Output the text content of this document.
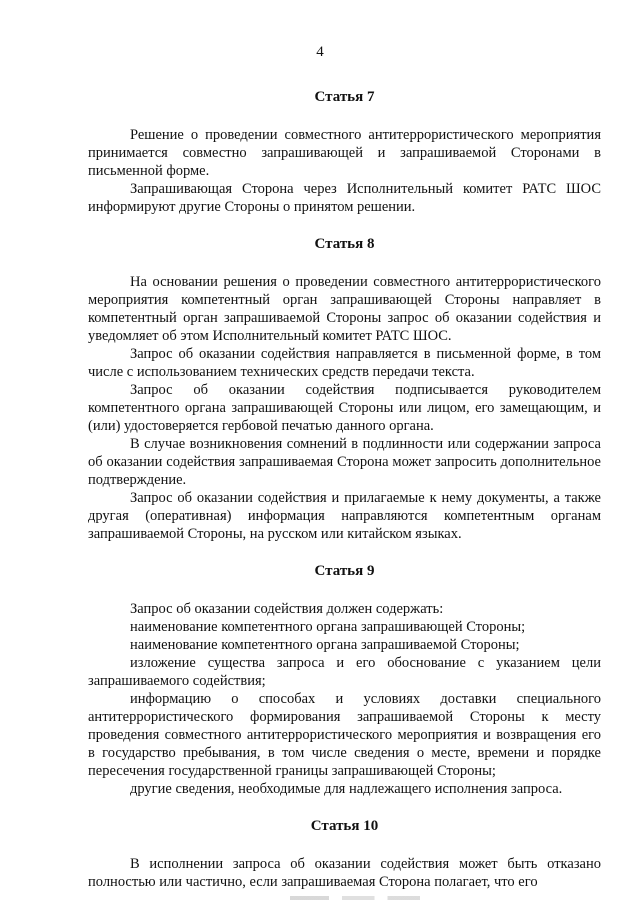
4
Статья 7

Решение о проведении совместного антитеррористического мероприятия принимается совместно запрашивающей и запрашиваемой Сторонами в письменной форме.

Запрашивающая Сторона через Исполнительный комитет РАТС ШОС информируют другие Стороны о принятом решении.

Статья 8

На основании решения о проведении совместного антитеррористического мероприятия компетентный орган запрашивающей Стороны направляет в компетентный орган запрашиваемой Стороны запрос об оказании содействия и уведомляет об этом Исполнительный комитет РАТС ШОС.

Запрос об оказании содействия направляется в письменной форме, в том числе с использованием технических средств передачи текста.

Запрос об оказании содействия подписывается руководителем компетентного органа запрашивающей Стороны или лицом, его замещающим, и (или) удостоверяется гербовой печатью данного органа.

В случае возникновения сомнений в подлинности или содержании запроса об оказании содействия запрашиваемая Сторона может запросить дополнительное подтверждение.

Запрос об оказании содействия и прилагаемые к нему документы, а также другая (оперативная) информация направляются компетентным органам запрашиваемой Стороны, на русском или китайском языках.

Статья 9

Запрос об оказании содействия должен содержать:

наименование компетентного органа запрашивающей Стороны;

наименование компетентного органа запрашиваемой Стороны;

изложение существа запроса и его обоснование с указанием цели запрашиваемого содействия;

информацию о способах и условиях доставки специального антитеррористического формирования запрашиваемой Стороны к месту проведения совместного антитеррористического мероприятия и возвращения его в государство пребывания, в том числе сведения о месте, времени и порядке пересечения государственной границы запрашивающей Стороны;

другие сведения, необходимые для надлежащего исполнения запроса.

Статья 10

В исполнении запроса об оказании содействия может быть отказано полностью или частично, если запрашиваемая Сторона полагает, что его
